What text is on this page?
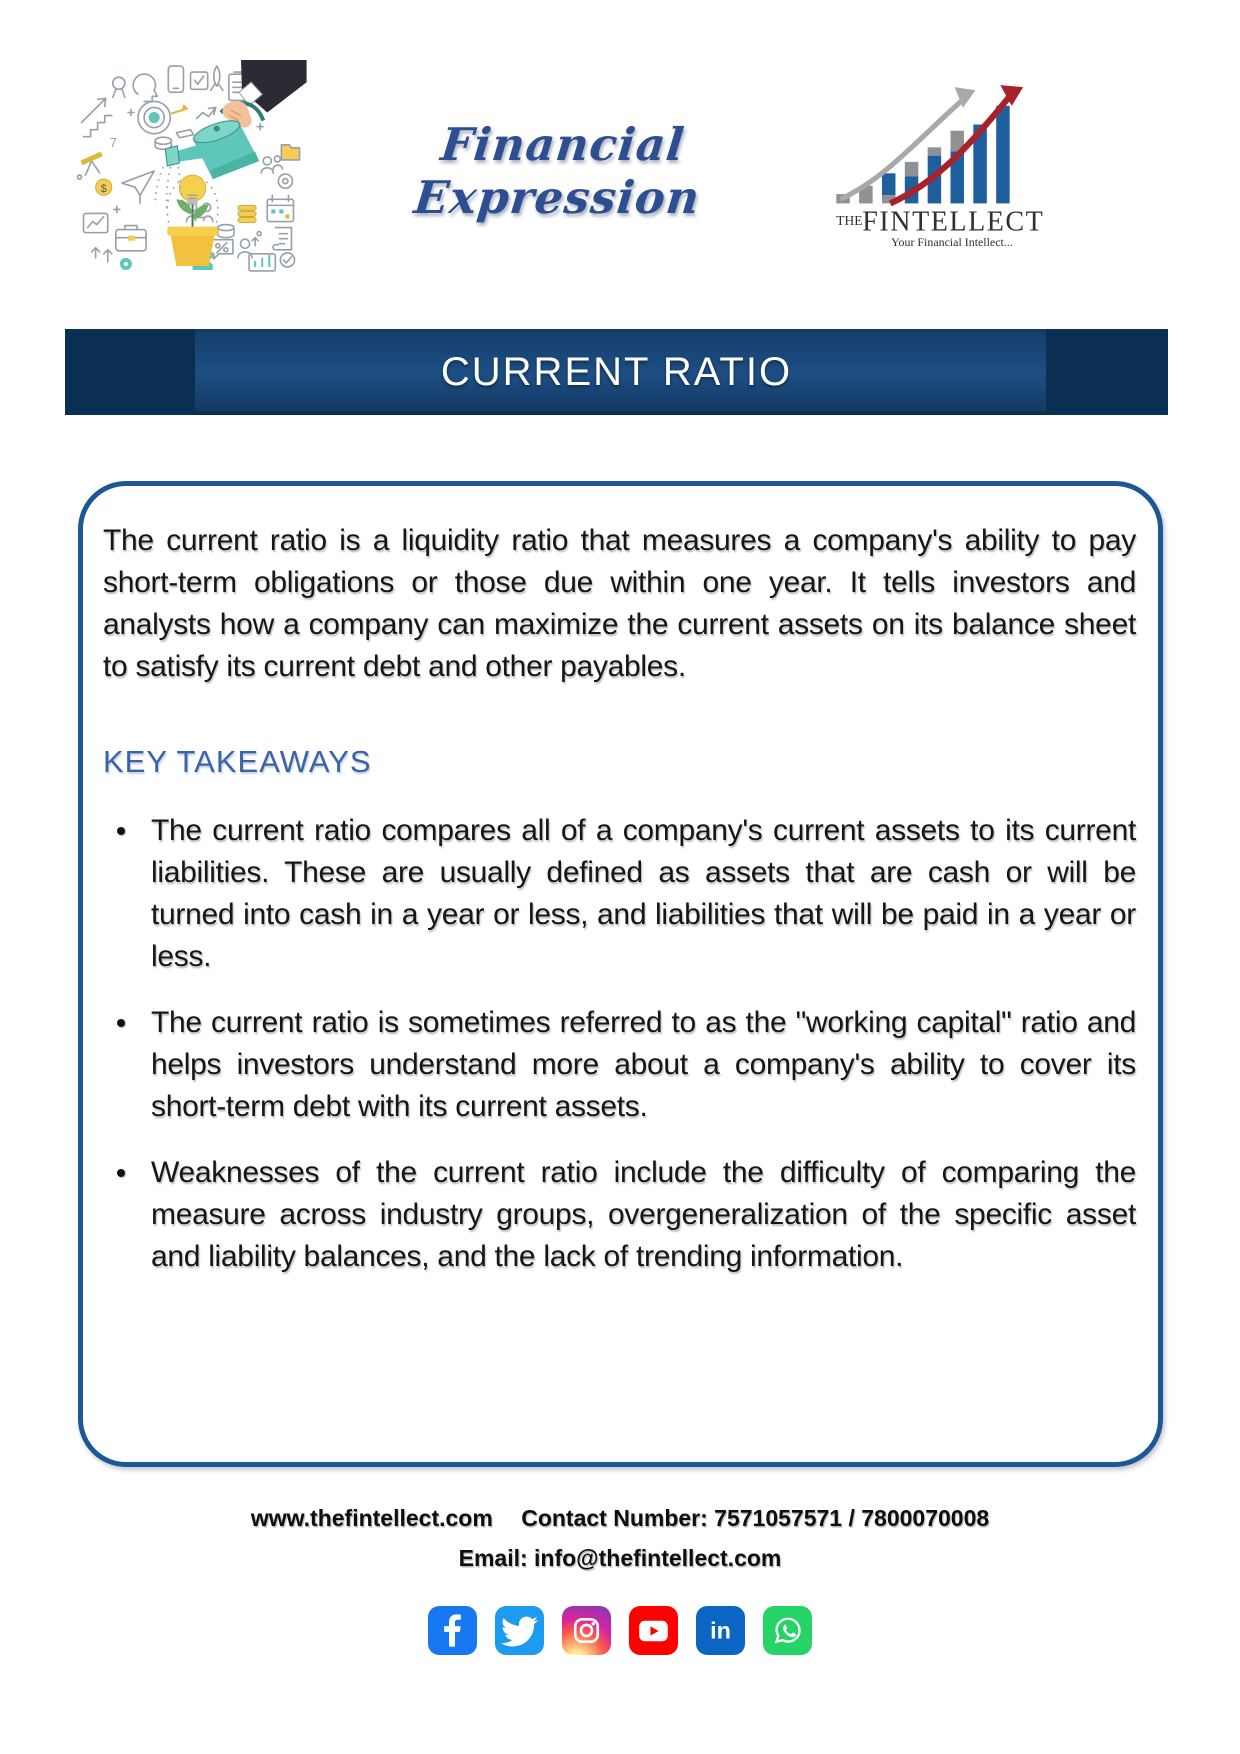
$
7	Financial Expression	THE FINTELLECT
Your Financial Intellect...
CURRENT RATIO

The current ratio is a liquidity ratio that measures a company's ability to pay short-term obligations or those due within one year. It tells investors and analysts how a company can maximize the current assets on its balance sheet to satisfy its current debt and other payables.

KEY TAKEAWAYS

The current ratio compares all of a company's current assets to its current liabilities. These are usually defined as assets that are cash or will be turned into cash in a year or less, and liabilities that will be paid in a year or less.

The current ratio is sometimes referred to as the "working capital" ratio and helps investors understand more about a company's ability to cover its short-term debt with its current assets.

Weaknesses of the current ratio include the difficulty of comparing the measure across industry groups, overgeneralization of the specific asset and liability balances, and the lack of trending information.

www.thefintellect.com Contact Number: 7571057571 / 7800070008
Email: info@thefintellect.com
in
